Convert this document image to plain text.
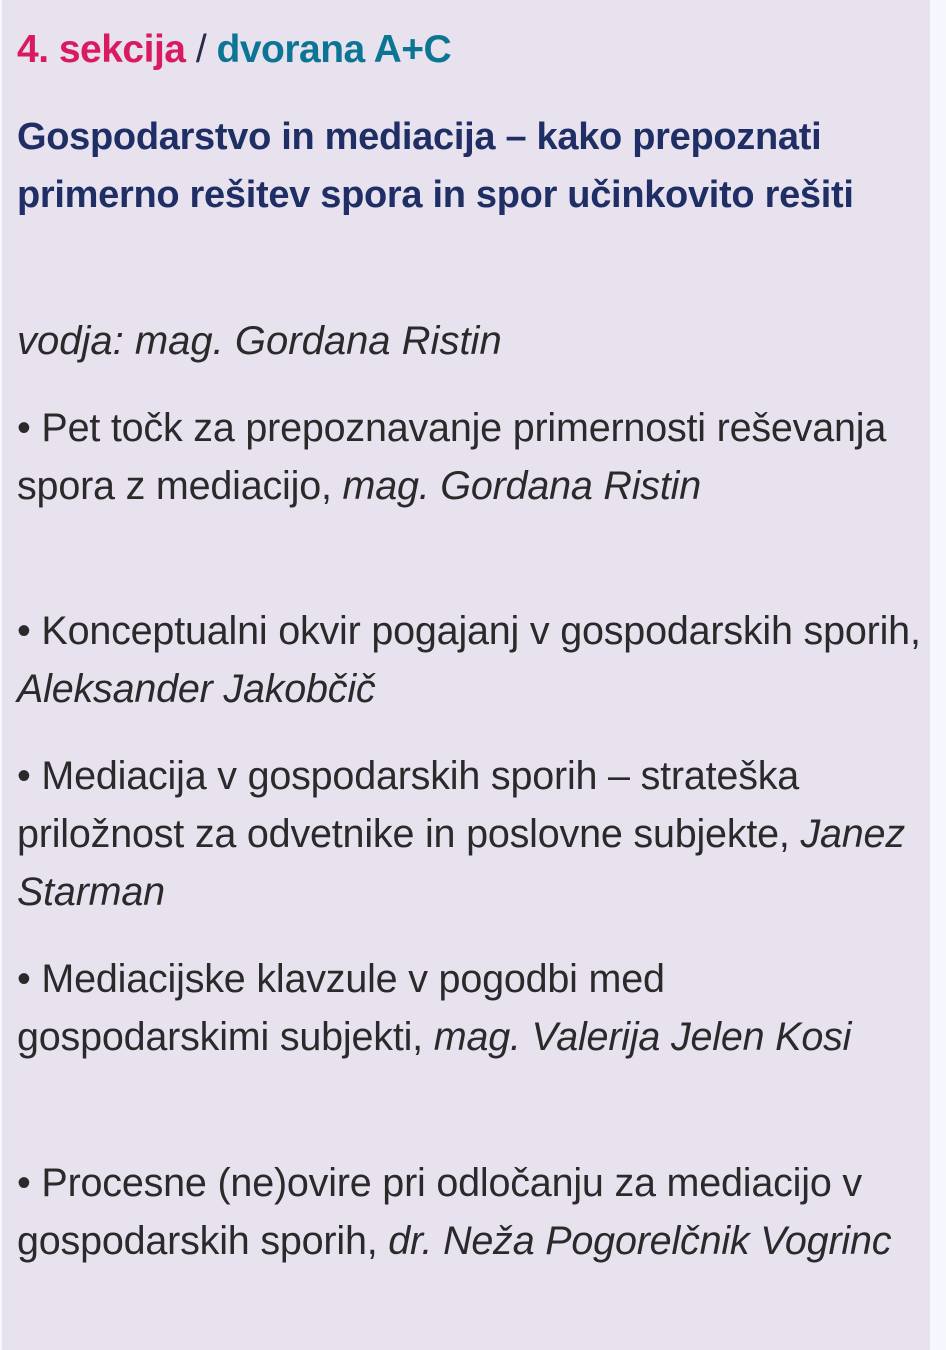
4. sekcija / dvorana A+C
Gospodarstvo in mediacija – kako prepoznati primerno rešitev spora in spor učinkovito rešiti
vodja: mag. Gordana Ristin
• Pet točk za prepoznavanje primernosti reševanja spora z mediacijo, mag. Gordana Ristin
• Konceptualni okvir pogajanj v gospodarskih sporih, Aleksander Jakobčič
• Mediacija v gospodarskih sporih – strateška priložnost za odvetnike in poslovne subjekte, Janez Starman
• Mediacijske klavzule v pogodbi med gospodarskimi subjekti, mag. Valerija Jelen Kosi
• Procesne (ne)ovire pri odločanju za mediacijo v gospodarskih sporih, dr. Neža Pogorelčnik Vogrinc
